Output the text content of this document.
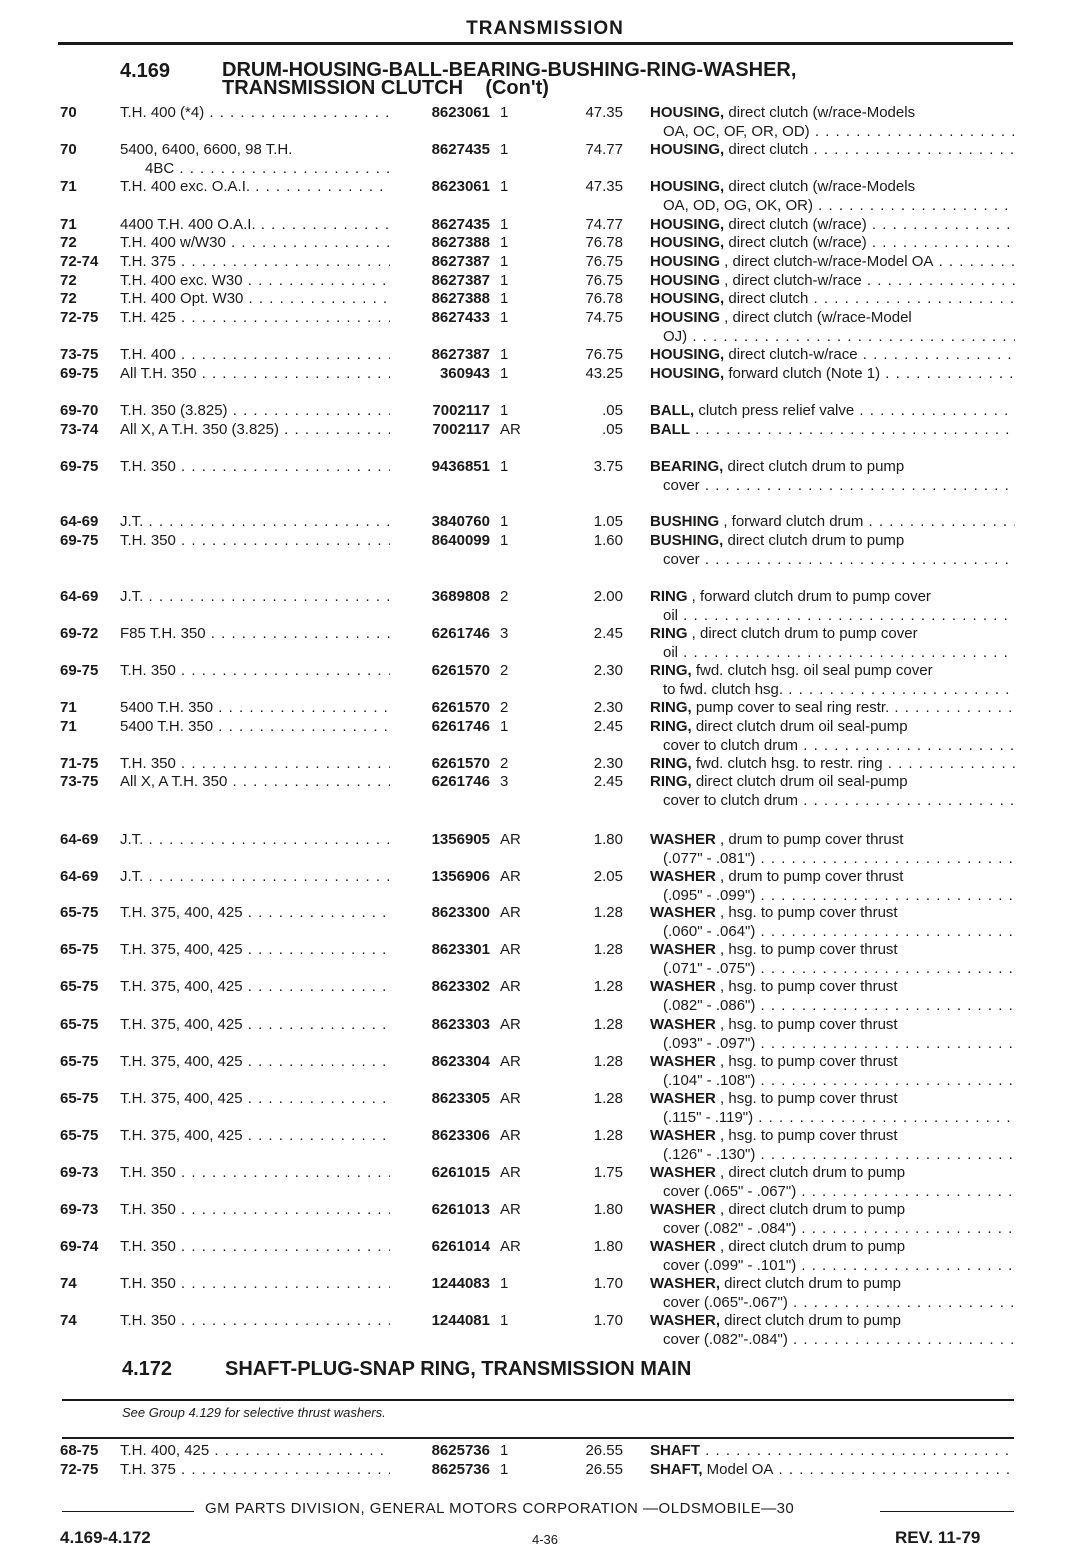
TRANSMISSION
4.169	DRUM-HOUSING-BALL-BEARING-BUSHING-RING-WASHER,
TRANSMISSION CLUTCH    (Con't)
70	T.H. 400 (*4) . . .	8623061 1	47.35 HOUSING, direct clutch (w/race-Models
OA, OC, OF, OR, OD) . . .
70	5400, 6400, 6600, 98 T.H.	8627435 1	74.77 HOUSING, direct clutch . . .
4BC . . .
71	T.H. 400 exc. O.A.I. . . .	8623061 1	47.35 HOUSING, direct clutch (w/race-Models
OA, OD, OG, OK, OR) . . .
71	4400 T.H. 400 O.A.I. . . .	8627435 1	74.77 HOUSING, direct clutch (w/race) . . .
72	T.H. 400 w/W30 . . .	8627388 1	76.78 HOUSING, direct clutch (w/race) . . .
72-74 T.H. 375 . . .	8627387 1	76.75 HOUSING , direct clutch-w/race-Model OA . . .
72	T.H. 400 exc. W30 . . .	8627387 1	76.75 HOUSING , direct clutch-w/race . . .
72	T.H. 400 Opt. W30 . . .	8627388 1	76.78 HOUSING, direct clutch . . .
72-75 T.H. 425 . . .	8627433 1	74.75 HOUSING , direct clutch (w/race-Model
OJ) . . .
73-75 T.H. 400 . . .	8627387 1	76.75 HOUSING, direct clutch-w/race . . .
69-75 All T.H. 350 . . .	360943 1	43.25 HOUSING, forward clutch (Note 1) . . .
69-70 T.H. 350 (3.825) . . .	7002117 1	.05 BALL, clutch press relief valve . . .
73-74 All X, A T.H. 350 (3.825) . . .	7002117 AR	.05 BALL . . .
69-75 T.H. 350 . . .	9436851 1	3.75 BEARING, direct clutch drum to pump
cover . . .
64-69 J.T. . . .	3840760 1	1.05 BUSHING , forward clutch drum . . .
69-75 T.H. 350 . . .	8640099 1	1.60 BUSHING, direct clutch drum to pump
cover . . .
64-69 J.T. . . .	3689808 2	2.00 RING , forward clutch drum to pump cover
oil . . .
69-72 F85 T.H. 350 . . .	6261746 3	2.45 RING , direct clutch drum to pump cover
oil . . .
69-75 T.H. 350 . . .	6261570 2	2.30 RING, fwd. clutch hsg. oil seal pump cover
to fwd. clutch hsg. . . .
71	5400 T.H. 350 . . .	6261570 2	2.30 RING, pump cover to seal ring restr. . . .
71	5400 T.H. 350 . . .	6261746 1	2.45 RING, direct clutch drum oil seal-pump
cover to clutch drum . . .
71-75 T.H. 350 . . .	6261570 2	2.30 RING, fwd. clutch hsg. to restr. ring . . .
73-75 All X, A T.H. 350 . . .	6261746 3	2.45 RING, direct clutch drum oil seal-pump
cover to clutch drum . . .
64-69 J.T. . . .	1356905 AR	1.80 WASHER , drum to pump cover thrust
(.077" - .081") . . .
64-69 J.T. . . .	1356906 AR	2.05 WASHER , drum to pump cover thrust
(.095" - .099") . . .
65-75 T.H. 375, 400, 425 . . .	8623300 AR	1.28 WASHER , hsg. to pump cover thrust
(.060" - .064") . . .
65-75 T.H. 375, 400, 425 . . .	8623301 AR	1.28 WASHER , hsg. to pump cover thrust
(.071" - .075") . . .
65-75 T.H. 375, 400, 425 . . .	8623302 AR	1.28 WASHER , hsg. to pump cover thrust
(.082" - .086") . . .
65-75 T.H. 375, 400, 425 . . .	8623303 AR	1.28 WASHER , hsg. to pump cover thrust
(.093" - .097") . . .
65-75 T.H. 375, 400, 425 . . .	8623304 AR	1.28 WASHER , hsg. to pump cover thrust
(.104" - .108") . . .
65-75 T.H. 375, 400, 425 . . .	8623305 AR	1.28 WASHER , hsg. to pump cover thrust
(.115" - .119") . . .
65-75 T.H. 375, 400, 425 . . .	8623306 AR	1.28 WASHER , hsg. to pump cover thrust
(.126" - .130") . . .
69-73 T.H. 350 . . .	6261015 AR	1.75 WASHER , direct clutch drum to pump
cover (.065" - .067") . . .
69-73 T.H. 350 . . .	6261013 AR	1.80 WASHER , direct clutch drum to pump
cover (.082" - .084") . . .
69-74 T.H. 350 . . .	6261014 AR	1.80 WASHER , direct clutch drum to pump
cover (.099" - .101") . . .
74	T.H. 350 . . .	1244083 1	1.70 WASHER, direct clutch drum to pump
cover (.065"-.067") . . .
74	T.H. 350 . . .	1244081 1	1.70 WASHER, direct clutch drum to pump
cover (.082"-.084") . . .
68-75 T.H. 400, 425 . . .	8625736 1	26.55 SHAFT . . .
72-75 T.H. 375 . . .	8625736 1	26.55 SHAFT, Model OA . . .
4.172	SHAFT-PLUG-SNAP RING, TRANSMISSION MAIN
See Group 4.129 for selective thrust washers.
GM PARTS DIVISION, GENERAL MOTORS CORPORATION —OLDSMOBILE—30
4.169-4.172	4-36	REV. 11-79
